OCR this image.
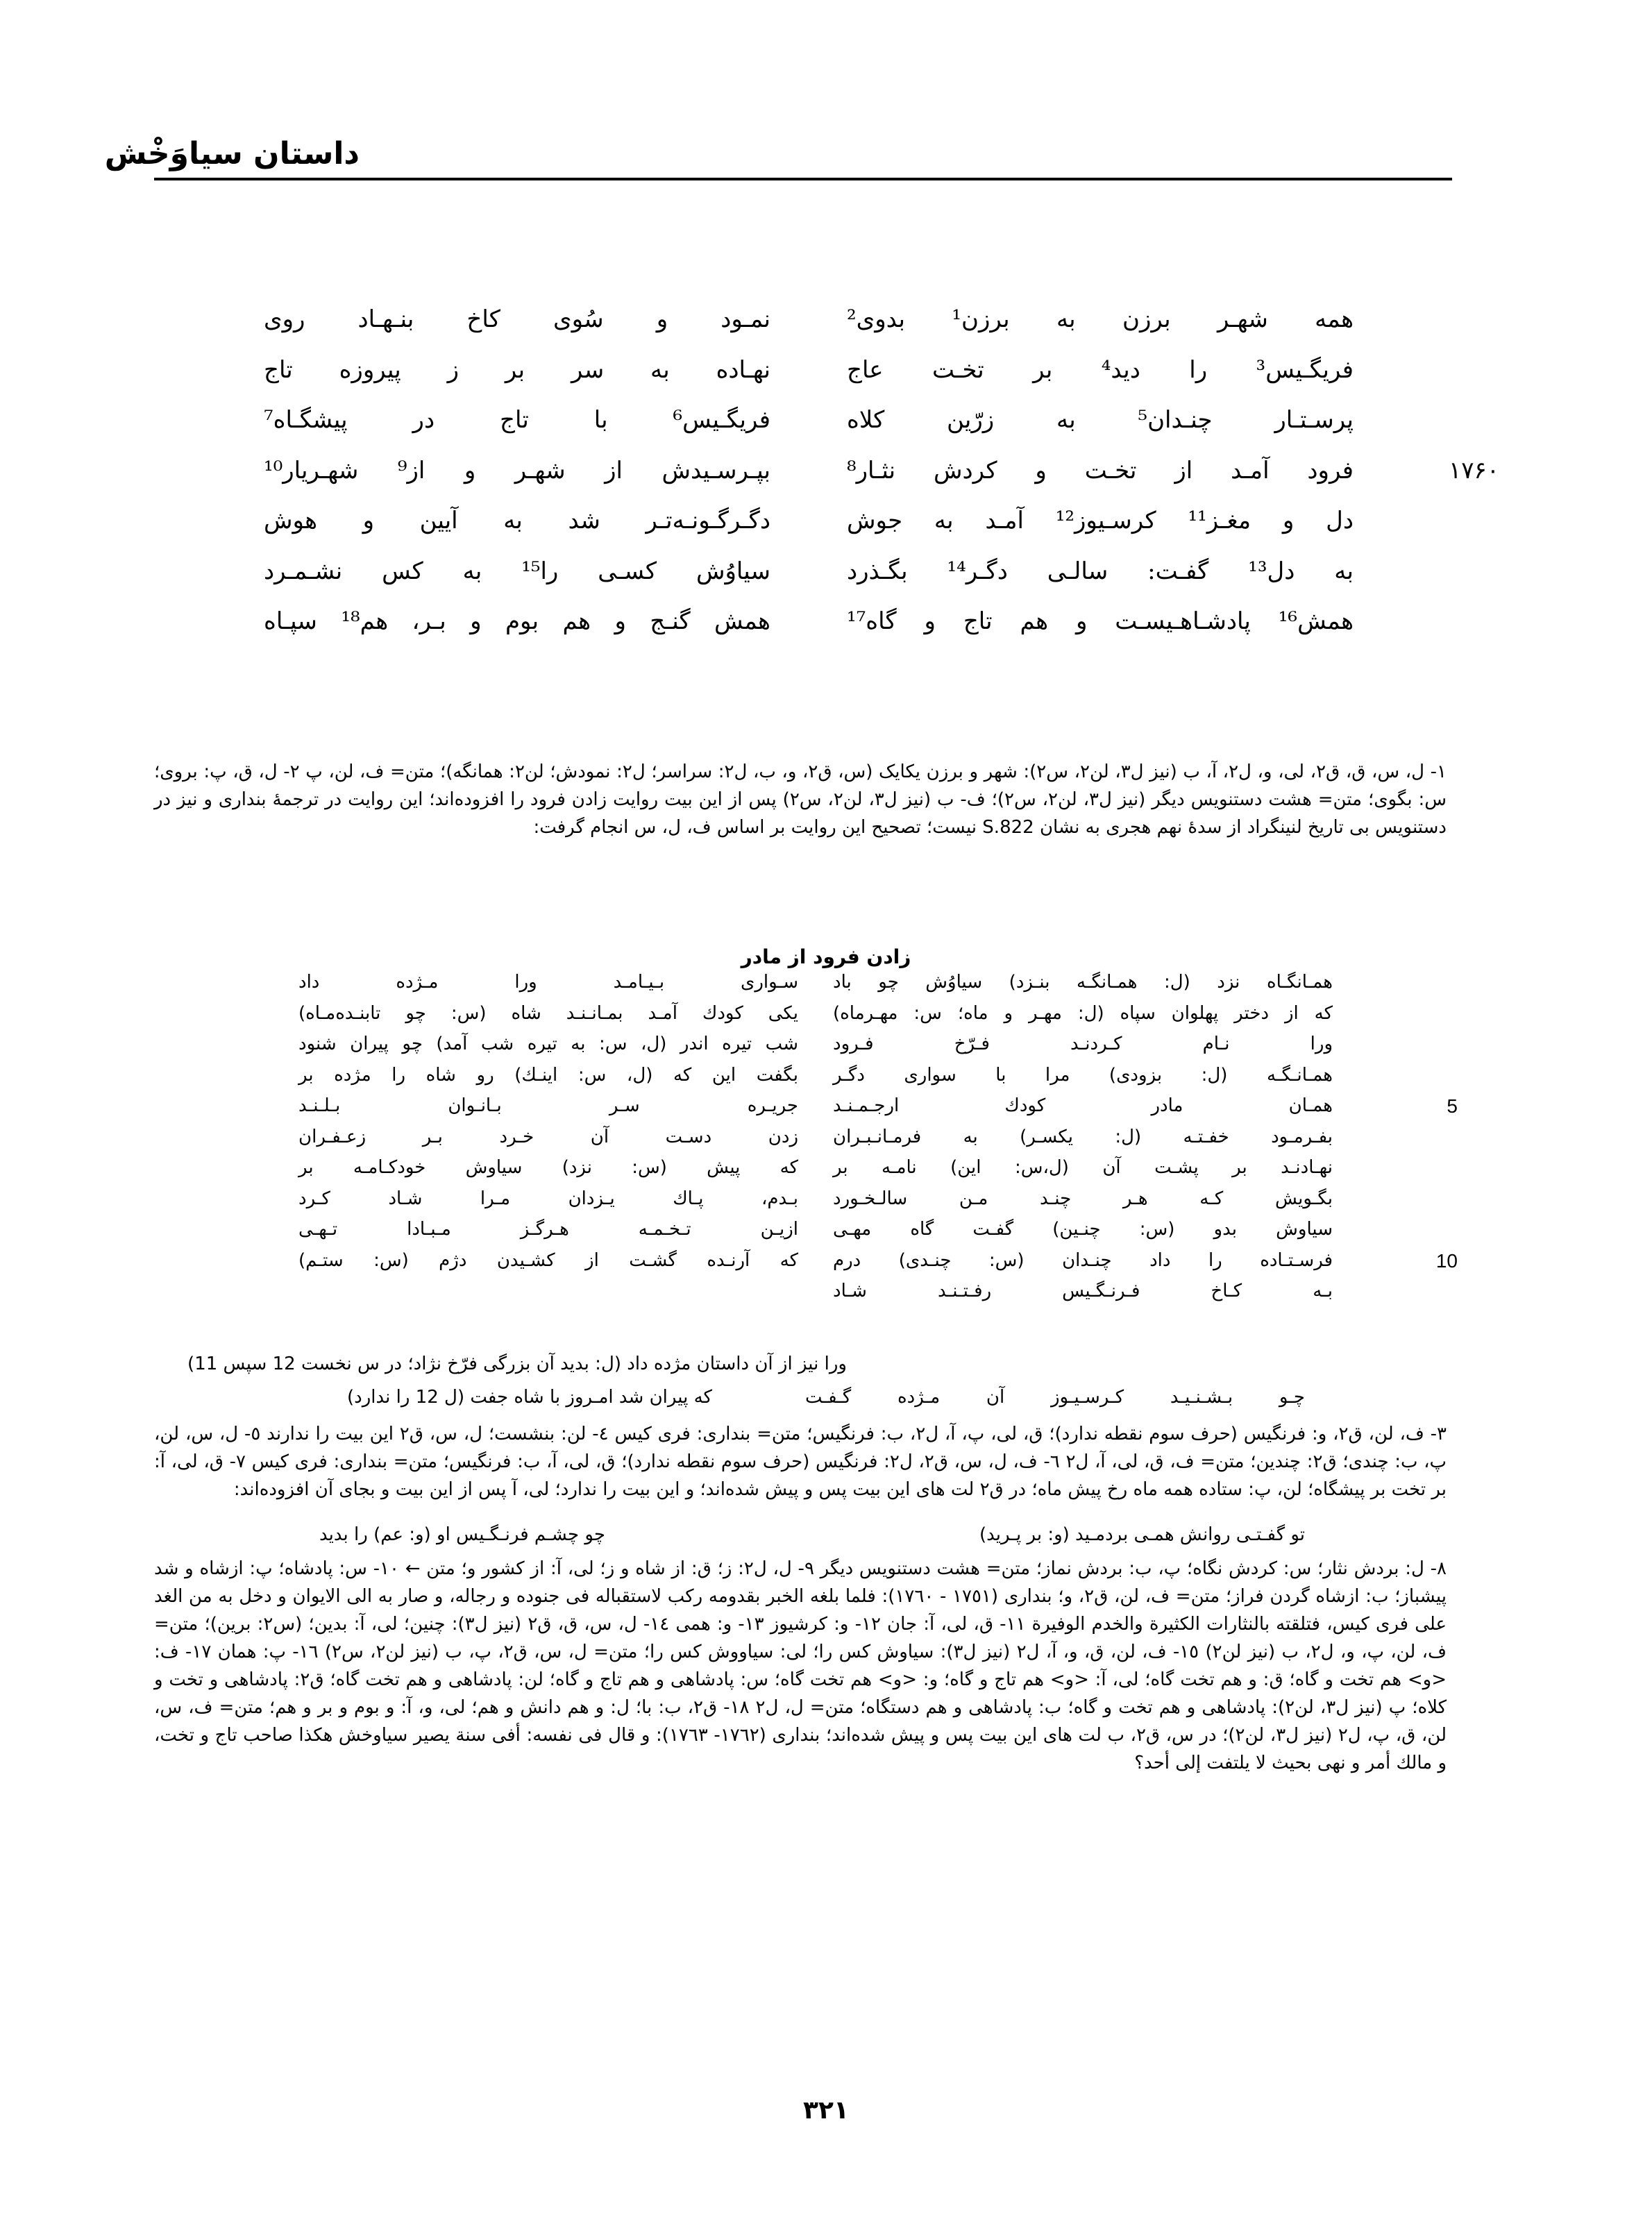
داستان سیاوَخْش
همه شهـر برزن به برزن¹ بدوی²
نمـود و سُوی کاخ بنـهـاد روی
فریگـیس³ را دید⁴ بر تخـت عاج
نهـاده به سر بر ز پیروزه تاج
پرسـتـار چنـدان⁵ به زرّین کلاه
فریگـیس⁶ با تاج در پیشگـاه⁷
۱۷۶۰
فرود آمـد از تخـت و کردش نثـار⁸
بپـرسـیدش از شهـر و از⁹ شهـریار¹⁰
دل و مغـز¹¹ کرسـیوز¹² آمـد به جوش
دگـرگـونـه‌تـر شد به آیین و هوش
به دل¹³ گفـت: سالـی دگـر¹⁴ بگـذرد
سیاوُش کسـی را¹⁵ به کس نشـمـرد
همش¹⁶ پادشـاهـیسـت و هم تاج و گاه¹⁷
همش گنـج و هم بوم و بـر، هم¹⁸ سپـاه
١- ل، س، ق، ق٢، لی، و، ل٢، آ، ب (نیز ل٣، لن٢، س٢): شهر و برزن یکایک (س، ق٢، و، ب، ل٢: سراسر؛ ل٢: نمودش؛ لن٢: همانگه)؛ متن= ف، لن، پ ٢- ل، ق، پ: بروی؛ س: بگوی؛ متن= هشت دستنویس دیگر (نیز ل٣، لن٢، س٢)؛ ف- ب (نیز ل٣، لن٢، س٢) پس از این بیت روایت زادن فرود را افزوده‌اند؛ این روایت در ترجمهٔ بنداری و نیز در دستنویس بی تاریخ لنینگراد از سدهٔ نهم هجری به نشان S.822 نیست؛ تصحیح این روایت بر اساس ف، ل، س انجام گرفت:
زادن فرود از مادر
همـانگـاه نزد (ل: همـانگـه بنـزد) سیاوُش چو باد
سـواری بـیـامـد ورا مـژده داد
که از دختر پهلوان سپاه (ل: مهـر و ماه؛ س: مهـرماه)
یکی کودك آمـد بمـانـنـد شاه (س: چو تابنـده‌مـاه)
ورا نـام کـردنـد فـرّخ فـرود
شب تیره اندر (ل، س: به تیره شب آمد) چو پیران شنود
همـانـگـه (ل: بزودی) مرا با سواری دگـر
بگفت این که (ل، س: اینـك) رو شاه را مژده بر
5
همـان مادر کودك ارجـمـنـد
جریـره سـر بـانـوان بـلـنـد
بفـرمـود خفـتـه (ل: یکسـر) به فرمـانـبـران
زدن دسـت آن خـرد بـر زعـفـران
نهـادنـد بر پشـت آن (ل،س: این) نامـه بر
که پیش (س: نزد) سیاوش خودکـامـه بر
بگـویش کـه هـر چنـد مـن سالـخـورد
بـدم، پـاك یـزدان مـرا شـاد کـرد
سیاوش بدو (س: چنـین) گفـت گاه مهـی
ازیـن تـخـمـه هـرگـز مـبـادا تـهـی
10
فرسـتـاده را داد چنـدان (س: چنـدی) درم
که آرنـده گشـت از کشـیدن دژم (س: ستـم)
بـه کـاخ فـرنـگـیس رفـتـنـد شـاد
ورا نیز از آن داستان مژده داد (ل: بدید آن بزرگی فرّخ نژاد؛ در س نخست 12 سپس 11)
چـو بـشـنـیـد کـرسـیـوز آن مـژده گـفـت
که پیران شد امـروز با شاه جفت (ل 12 را ندارد)
٣- ف، لن، ق٢، و: فرنگیس (حرف سوم نقطه ندارد)؛ ق، لی، پ، آ، ل٢، ب: فرنگیس؛ متن= بنداری: فری کیس ٤- لن: بنشست؛ ل، س، ق٢ این بیت را ندارند ٥- ل، س، لن، پ، ب: چندی؛ ق٢: چندین؛ متن= ف، ق، لی، آ، ل٢ ٦- ف، ل، س، ق٢، ل٢: فرنگیس (حرف سوم نقطه ندارد)؛ ق، لی، آ، ب: فرنگیس؛ متن= بنداری: فری کیس ٧- ق، لی، آ: بر تخت بر پیشگاه؛ لن، پ: ستاده همه ماه رخ پیش ماه؛ در ق٢ لت های این بیت پس و پیش شده‌اند؛ و این بیت را ندارد؛ لی، آ پس از این بیت و بجای آن افزوده‌اند:
تو گفـتـی روانش همـی بردمـید (و: بر پـرید)
چو چشـم فرنـگـیس او (و: عم) را بدید
٨- ل: بردش نثار؛ س: کردش نگاه؛ پ، ب: بردش نماز؛ متن= هشت دستنویس دیگر ٩- ل، ل٢: ز؛ ق: از شاه و ز؛ لی، آ: از کشور و؛ متن ← ١٠- س: پادشاه؛ پ: ازشاه و شد پیشباز؛ ب: ازشاه گردن فراز؛ متن= ف، لن، ق٢، و؛ بنداری (١٧٥١ - ١٧٦٠): فلما بلغه الخبر بقدومه رکب لاستقباله فی جنوده و رجاله، و صار به الی الایوان و دخل به من الغد علی فری کیس، فتلقته بالنثارات الکثیرة والخدم الوفیرة ١١- ق، لی، آ: جان ١٢- و: کرشیوز ١٣- و: همی ١٤- ل، س، ق، ق٢ (نیز ل٣): چنین؛ لی، آ: بدین؛ (س٢: برین)؛ متن= ف، لن، پ، و، ل٢، ب (نیز لن٢) ١٥- ف، لن، ق، و، آ، ل٢ (نیز ل٣): سیاوش کس را؛ لی: سیاووش کس را؛ متن= ل، س، ق٢، پ، ب (نیز لن٢، س٢) ١٦- پ: همان ١٧- ف: <و> هم تخت و گاه؛ ق: و هم تخت گاه؛ لی، آ: <و> هم تاج و گاه؛ و: <و> هم تخت گاه؛ س: پادشاهی و هم تاج و گاه؛ لن: پادشاهی و هم تخت گاه؛ ق٢: پادشاهی و تخت و کلاه؛ پ (نیز ل٣، لن٢): پادشاهی و هم تخت و گاه؛ ب: پادشاهی و هم دستگاه؛ متن= ل، ل٢ ١٨- ق٢، ب: با؛ ل: و هم دانش و هم؛ لی، و، آ: و بوم و بر و هم؛ متن= ف، س، لن، ق، پ، ل٢ (نیز ل٣، لن٢)؛ در س، ق٢، ب لت های این بیت پس و پیش شده‌اند؛ بنداری (١٧٦٢- ١٧٦٣): و قال فی نفسه: أفی سنة یصیر سیاوخش هکذا صاحب تاج و تخت، و مالك أمر و نهی بحیث لا یلتفت إلی أحد؟
۳۲۱
